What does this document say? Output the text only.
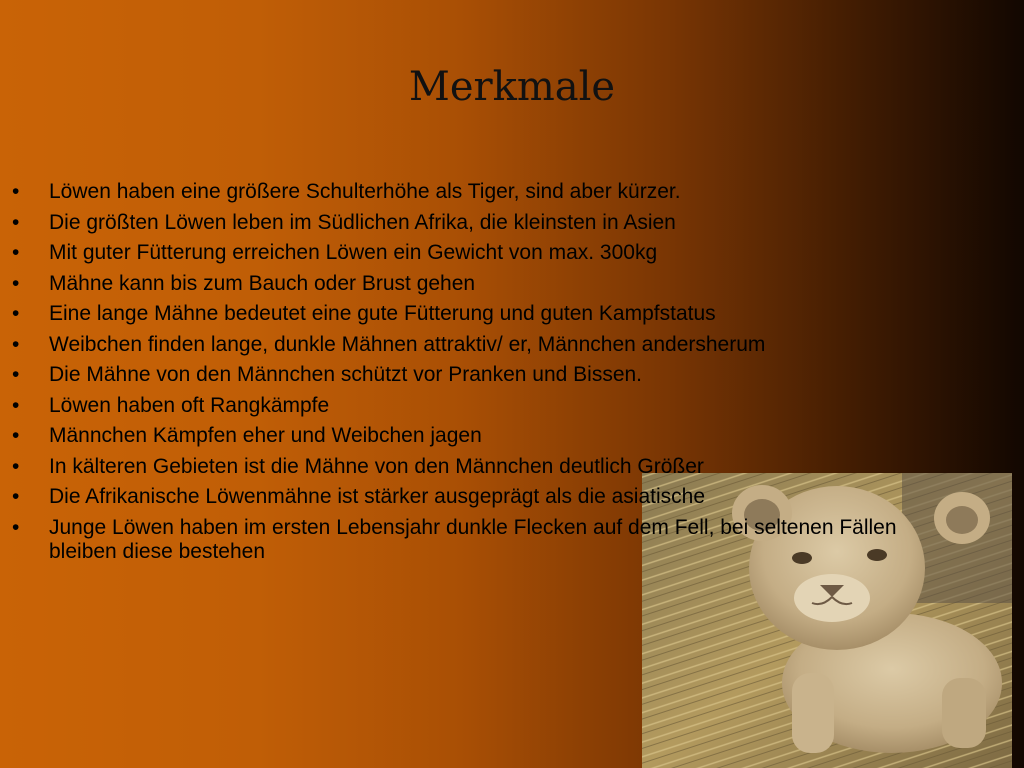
Merkmale
• Löwen haben eine größere Schulterhöhe als Tiger, sind aber kürzer.
• Die größten Löwen leben im Südlichen Afrika, die kleinsten in Asien
• Mit guter Fütterung erreichen Löwen ein Gewicht von max. 300kg
• Mähne kann bis zum Bauch oder Brust gehen
• Eine lange Mähne bedeutet eine gute Fütterung und guten Kampfstatus
• Weibchen finden lange, dunkle Mähnen attraktiv/ er, Männchen andersherum
• Die Mähne von den Männchen schützt vor Pranken und Bissen.
• Löwen haben oft Rangkämpfe
• Männchen Kämpfen eher und Weibchen jagen
• In kälteren Gebieten ist die Mähne von den Männchen deutlich Größer
• Die Afrikanische Löwenmähne ist stärker ausgeprägt als die asiatische
• Junge Löwen haben im ersten Lebensjahr dunkle Flecken auf dem Fell, bei seltenen Fällen bleiben diese bestehen
